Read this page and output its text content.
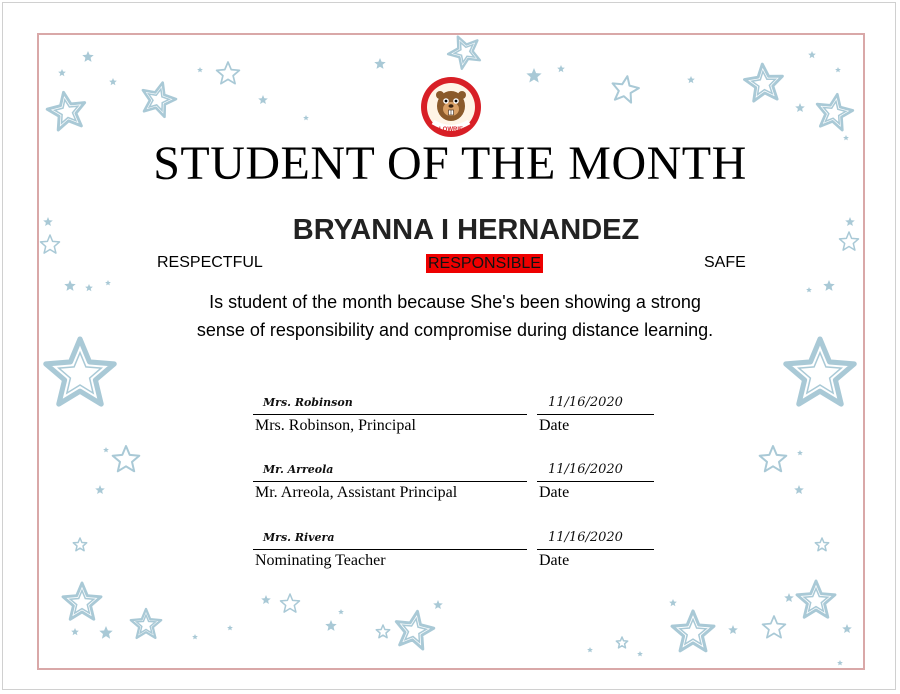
LOWRIE
STUDENT OF THE MONTH
BRYANNA I HERNANDEZ
RESPECTFUL	RESPONSIBLE	SAFE
Is student of the month because She's been showing a strong
sense of responsibility and compromise during distance learning.
Mrs. Robinson
Mrs. Robinson, Principal
11/16/2020
Date
Mr. Arreola
Mr. Arreola, Assistant Principal
11/16/2020
Date
Mrs. Rivera
Nominating Teacher
11/16/2020
Date
